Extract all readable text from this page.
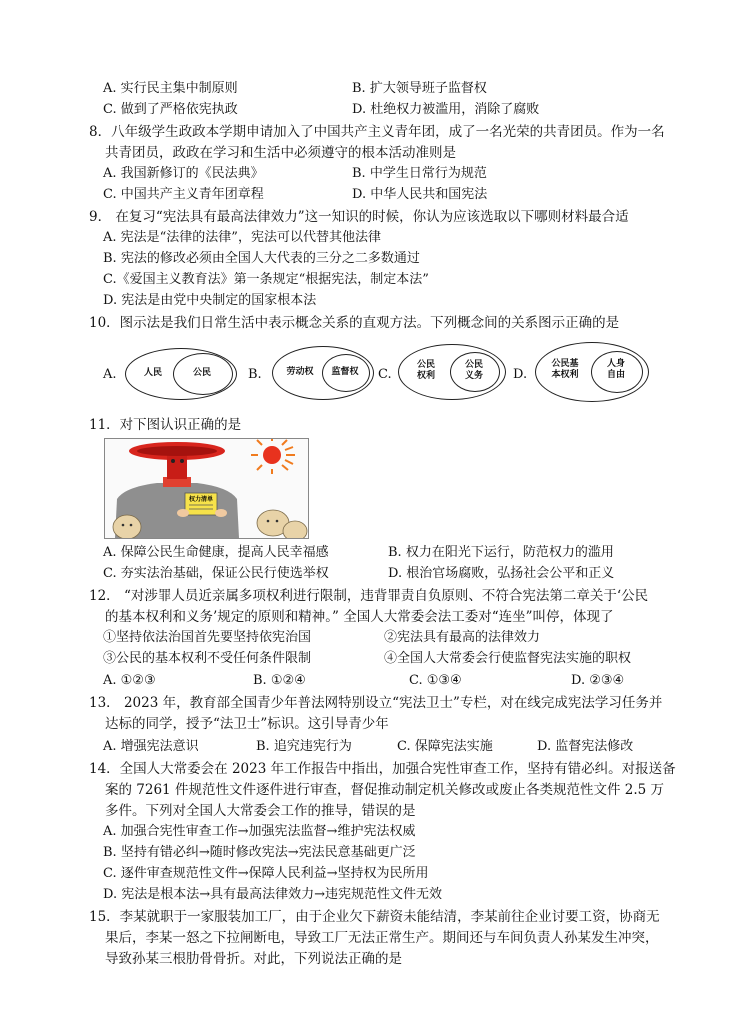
A. 实行民主集中制原则	B. 扩大领导班子监督权
C. 做到了严格依宪执政	D. 杜绝权力被滥用，消除了腐败
8．八年级学生政政本学期申请加入了中国共产主义青年团，成了一名光荣的共青团员。作为一名
共青团员，政政在学习和生活中必须遵守的根本活动准则是
A. 我国新修订的《民法典》	B. 中学生日常行为规范
C. 中国共产主义青年团章程	D. 中华人民共和国宪法
9． 在复习“宪法具有最高法律效力”这一知识的时候，你认为应该选取以下哪则材料最合适
A. 宪法是“法律的法律”，宪法可以代替其他法律
B. 宪法的修改必须由全国人大代表的三分之二多数通过
C.《爱国主义教育法》第一条规定“根据宪法，制定本法”
D. 宪法是由党中央制定的国家根本法
10．图示法是我们日常生活中表示概念关系的直观方法。下列概念间的关系图示正确的是
A.	人民	公民	B.	劳动权	监督权	C.
公民
权利
公民
义务	D.
公民基
本权利
人身
自由
11．对下图认识正确的是
权力清单
A. 保障公民生命健康，提高人民幸福感	B. 权力在阳光下运行，防范权力的滥用
C. 夯实法治基础，保证公民行使选举权	D. 根治官场腐败，弘扬社会公平和正义
12． “对涉罪人员近亲属多项权利进行限制，违背罪责自负原则、不符合宪法第二章关于‘公民
的基本权利和义务’规定的原则和精神。” 全国人大常委会法工委对“连坐”叫停，体现了
①坚持依法治国首先要坚持依宪治国	②宪法具有最高的法律效力
③公民的基本权利不受任何条件限制	④全国人大常委会行使监督宪法实施的职权
A. ①②③	B. ①②④	C. ①③④	D. ②③④
13． 2023 年，教育部全国青少年普法网特别设立“宪法卫士”专栏，对在线完成宪法学习任务并
达标的同学，授予“法卫士”标识。这引导青少年
A. 增强宪法意识	B. 追究违宪行为	C. 保障宪法实施	D. 监督宪法修改
14．全国人大常委会在 2023 年工作报告中指出，加强合宪性审查工作，坚持有错必纠。对报送备
案的 7261 件规范性文件逐件进行审查，督促推动制定机关修改或废止各类规范性文件 2.5 万
多件。下列对全国人大常委会工作的推导，错误的是
A. 加强合宪性审查工作→加强宪法监督→维护宪法权威
B. 坚持有错必纠→随时修改宪法→宪法民意基础更广泛
C. 逐件审查规范性文件→保障人民利益→坚持权为民所用
D. 宪法是根本法→具有最高法律效力→违宪规范性文件无效
15．李某就职于一家服装加工厂，由于企业欠下薪资未能结清，李某前往企业讨要工资，协商无
果后，李某一怒之下拉闸断电，导致工厂无法正常生产。期间还与车间负责人孙某发生冲突，
导致孙某三根肋骨骨折。对此，下列说法正确的是
